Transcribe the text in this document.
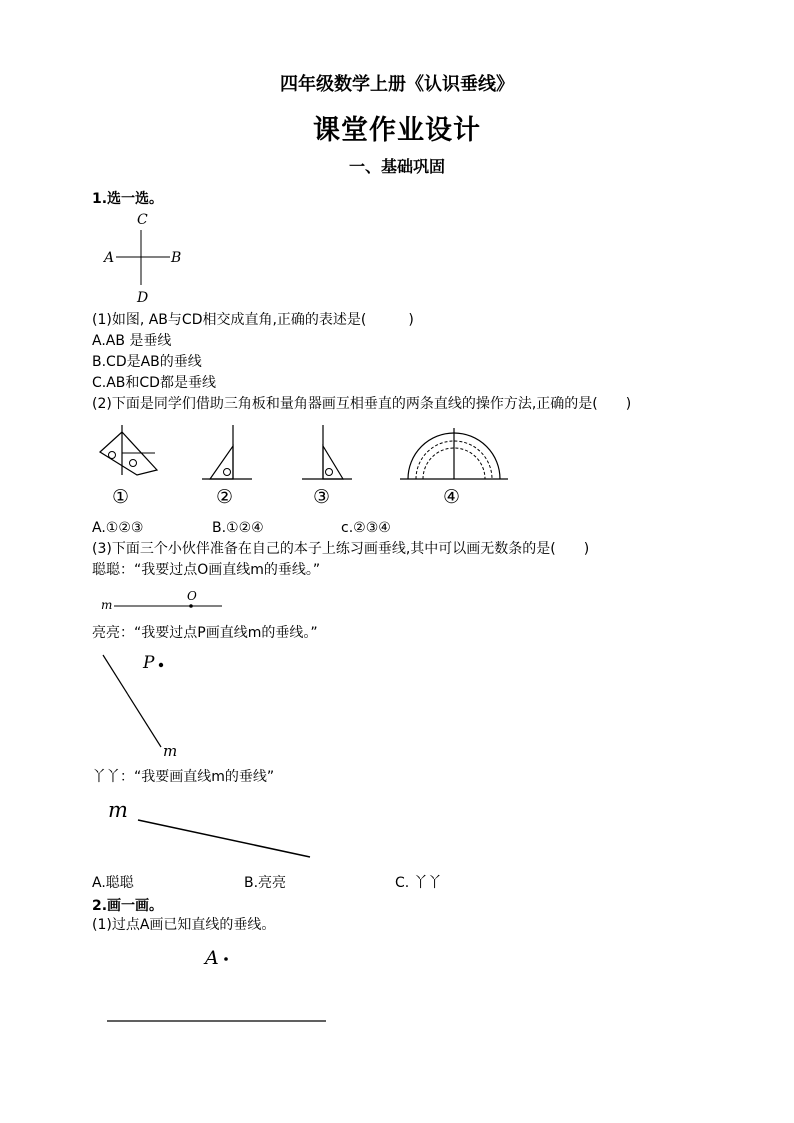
四年级数学上册《认识垂线》
课堂作业设计
一、基础巩固
1.选一选。
C
A	B
D
(1)如图, AB与CD相交成直角,正确的表述是(　　　)
A.AB 是垂线
B.CD是AB的垂线
C.AB和CD都是垂线
(2)下面是同学们借助三角板和量角器画互相垂直的两条直线的操作方法,正确的是(　　)
①	②	③	④
A.①②③	B.①②④	c.②③④
(3)下面三个小伙伴准备在自己的本子上练习画垂线,其中可以画无数条的是(　　)
聪聪：“我要过点O画直线m的垂线。”
m
O
亮亮：“我要过点P画直线m的垂线。”
P
m
丫丫：“我要画直线m的垂线”
m
A.聪聪	B.亮亮	C. 丫丫
2.画一画。
(1)过点A画已知直线的垂线。
A
